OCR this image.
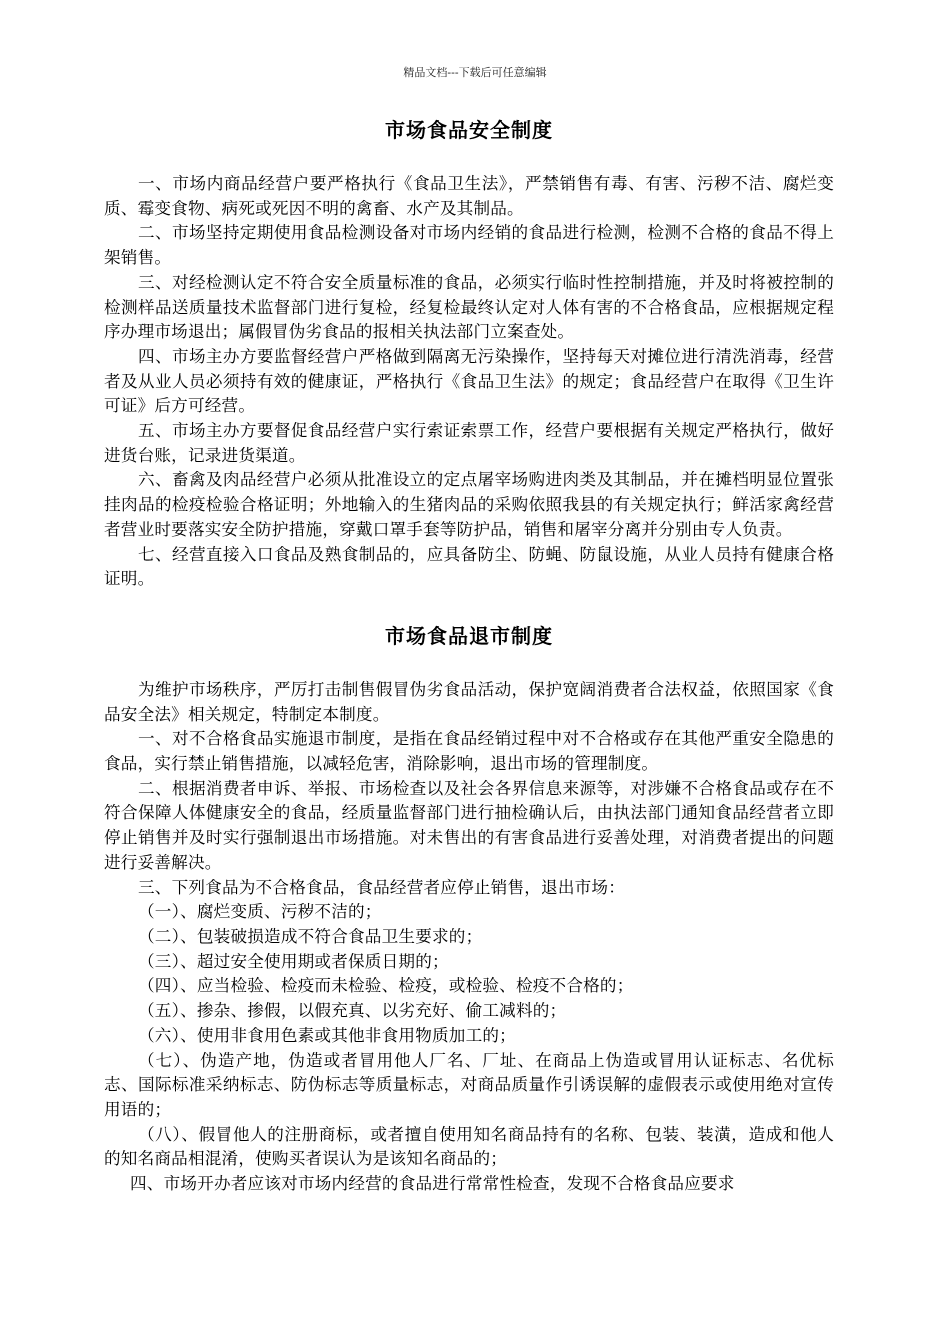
精品文档---下载后可任意编辑
市场食品安全制度

一、市场内商品经营户要严格执行《食品卫生法》，严禁销售有毒、有害、污秽不洁、腐烂变质、霉变食物、病死或死因不明的禽畜、水产及其制品。

二、市场坚持定期使用食品检测设备对市场内经销的食品进行检测，检测不合格的食品不得上架销售。

三、对经检测认定不符合安全质量标准的食品，必须实行临时性控制措施，并及时将被控制的检测样品送质量技术监督部门进行复检，经复检最终认定对人体有害的不合格食品，应根据规定程序办理市场退出；属假冒伪劣食品的报相关执法部门立案查处。

四、市场主办方要监督经营户严格做到隔离无污染操作，坚持每天对摊位进行清洗消毒，经营者及从业人员必须持有效的健康证，严格执行《食品卫生法》的规定；食品经营户在取得《卫生许可证》后方可经营。

五、市场主办方要督促食品经营户实行索证索票工作，经营户要根据有关规定严格执行，做好进货台账，记录进货渠道。

六、畜禽及肉品经营户必须从批准设立的定点屠宰场购进肉类及其制品，并在摊档明显位置张挂肉品的检疫检验合格证明；外地输入的生猪肉品的采购依照我县的有关规定执行；鲜活家禽经营者营业时要落实安全防护措施，穿戴口罩手套等防护品，销售和屠宰分离并分别由专人负责。

七、经营直接入口食品及熟食制品的，应具备防尘、防蝇、防鼠设施，从业人员持有健康合格证明。

市场食品退市制度

为维护市场秩序，严厉打击制售假冒伪劣食品活动，保护宽阔消费者合法权益，依照国家《食品安全法》相关规定，特制定本制度。

一、对不合格食品实施退市制度，是指在食品经销过程中对不合格或存在其他严重安全隐患的食品，实行禁止销售措施，以减轻危害，消除影响，退出市场的管理制度。

二、根据消费者申诉、举报、市场检查以及社会各界信息来源等，对涉嫌不合格食品或存在不符合保障人体健康安全的食品，经质量监督部门进行抽检确认后，由执法部门通知食品经营者立即停止销售并及时实行强制退出市场措施。对未售出的有害食品进行妥善处理，对消费者提出的问题进行妥善解决。

三、下列食品为不合格食品，食品经营者应停止销售，退出市场：

（一）、腐烂变质、污秽不洁的；

（二）、包装破损造成不符合食品卫生要求的；

（三）、超过安全使用期或者保质日期的；

（四）、应当检验、检疫而未检验、检疫，或检验、检疫不合格的；

（五）、掺杂、掺假，以假充真、以劣充好、偷工减料的；

（六）、使用非食用色素或其他非食用物质加工的；

（七）、伪造产地，伪造或者冒用他人厂名、厂址、在商品上伪造或冒用认证标志、名优标志、国际标准采纳标志、防伪标志等质量标志，对商品质量作引诱误解的虚假表示或使用绝对宣传用语的；

（八）、假冒他人的注册商标，或者擅自使用知名商品持有的名称、包装、装潢，造成和他人的知名商品相混淆，使购买者误认为是该知名商品的；

四、市场开办者应该对市场内经营的食品进行常常性检查，发现不合格食品应要求
